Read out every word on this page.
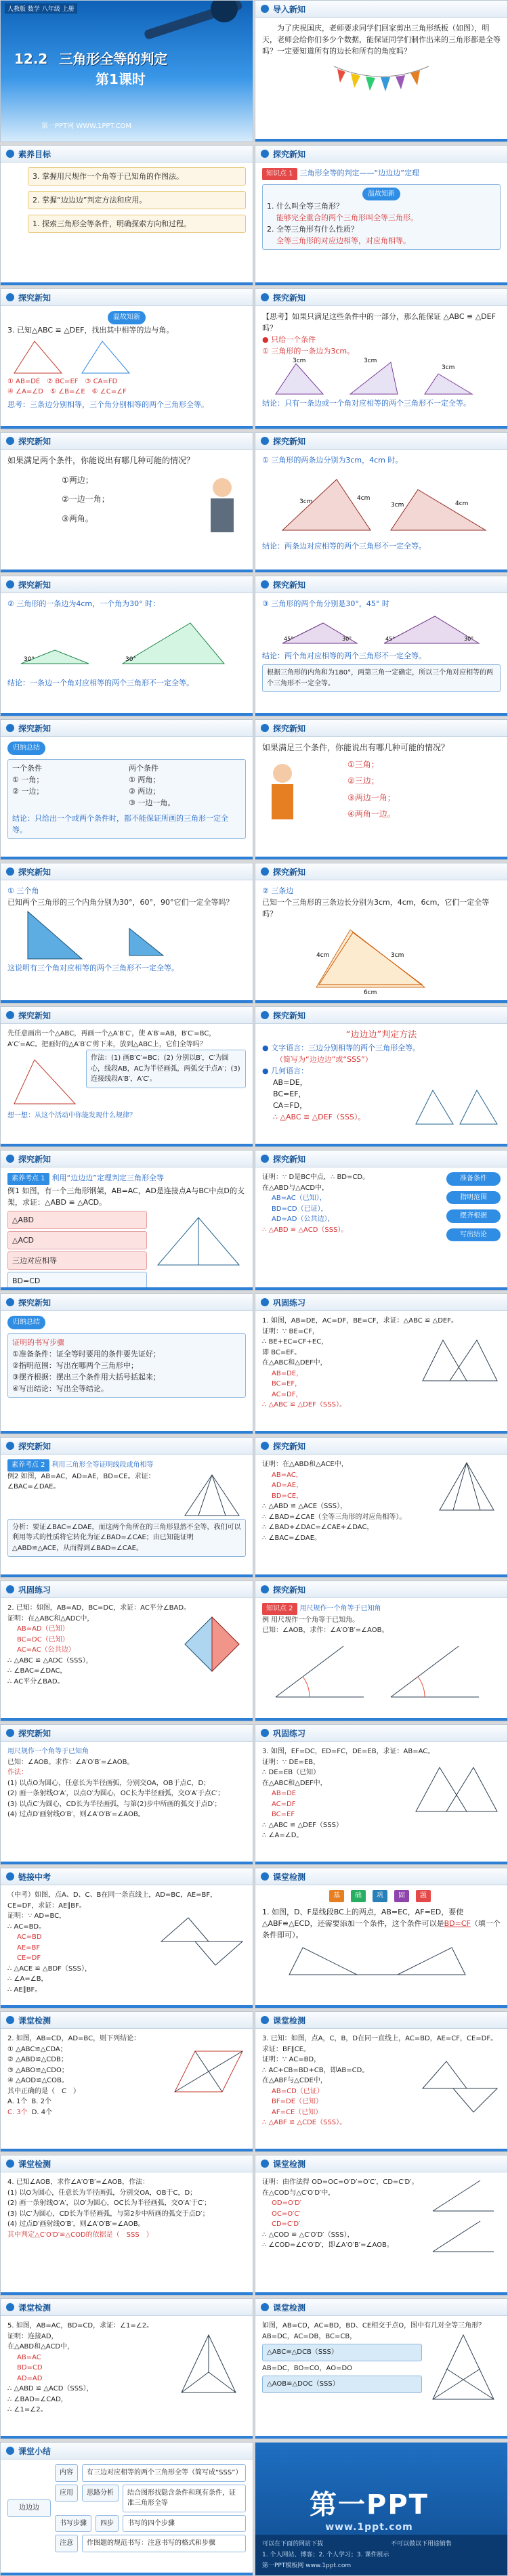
人教版 数学 八年级 上册
12.2 三角形全等的判定
第1课时
第一PPT网 WWW.1PPT.COM
导入新知
为了庆祝国庆，老师要求同学们回家剪出三角形纸板（如图），明天，老师会给你们多少个数据，能保证同学们制作出来的三角形都是全等吗？一定要知道所有的边长和所有的角度吗？
素养目标
3. 掌握用尺规作一个角等于已知角的作图法。
2. 掌握“边边边”判定方法和应用。
1. 探索三角形全等条件，明确探索方向和过程。
探究新知
知识点 1 三角形全等的判定——“边边边”定理
温故知新
1. 什么叫全等三角形？
能够完全重合的两个三角形叫全等三角形。
2. 全等三角形有什么性质？
全等三角形的对应边相等，对应角相等。
探究新知
温故知新
3. 已知△ABC ≌ △DEF，找出其中相等的边与角。
① AB=DE　 ② BC=EF　 ③ CA=FD
④ ∠A=∠D　 ⑤ ∠B=∠E　 ⑥ ∠C=∠F
思考：三条边分别相等，三个角分别相等的两个三角形全等。
探究新知
【思考】如果只满足这些条件中的一部分，那么能保证 △ABC ≌ △DEF 吗？
● 只给一个条件
① 三角形的一条边为3cm。
3cm	3cm
3cm
结论：只有一条边或一个角对应相等的两个三角形不一定全等。
探究新知
如果满足两个条件，你能说出有哪几种可能的情况？
①两边；
②一边一角；
③两角。
探究新知
① 三角形的两条边分别为3cm，4cm 时。
3cm	4cm
3cm	4cm
结论：两条边对应相等的两个三角形不一定全等。
探究新知
② 三角形的一条边为4cm，一个角为30° 时：
30°	30°
结论：一条边一个角对应相等的两个三角形不一定全等。
探究新知
③ 三角形的两个角分别是30°，45° 时
45°	30°	45°	30°
结论：两个角对应相等的两个三角形不一定全等。
根据三角形的内角和为180°，两第三角一定确定，所以三个角对应相等的两个三角形不一定全等。
探究新知
归纳总结
一个条件	两个条件
① 一角；	① 两角；
② 一边；	② 两边；
③ 一边一角。
结论：只给出一个或两个条件时，都不能保证所画的三角形一定全等。
探究新知
如果满足三个条件，你能说出有哪几种可能的情况？
①三角；
②三边；
③两边一角；
④两角一边。
探究新知
① 三个角
已知两个三角形的三个内角分别为30°，60°，90°它们一定全等吗？
这说明有三个角对应相等的两个三角形不一定全等。
探究新知
② 三条边
已知一个三角形的三条边长分别为3cm，4cm，6cm，它们一定全等吗？
4cm	3cm
6cm
探究新知
先任意画出一个△ABC，再画一个△A′B′C′，使 A′B′=AB，B′C′=BC，A′C′=AC。把画好的△A′B′C′剪下来，放到△ABC上，它们全等吗？
作法：(1) 画B′C′=BC；(2) 分别以B′，C′为圆心，线段AB，AC为半径画弧，两弧交于点A′；(3) 连接线段A′B′，A′C′。
想一想：从这个活动中你能发现什么规律？
探究新知
“边边边”判定方法
● 文字语言：三边分别相等的两个三角形全等。
（简写为“边边边”或“SSS”）
● 几何语言：
AB=DE，
BC=EF，
CA=FD，
∴ △ABC ≌ △DEF（SSS）。
探究新知
素养考点 1 利用“边边边”定理判定三角形全等
例1 如图，有一个三角形钢架，AB=AC，AD是连接点A与BC中点D的支架，求证：△ABD ≌ △ACD。
△ABD
△ACD
三边对应相等
BD=CD
探究新知
证明：∵ D是BC中点，∴ BD=CD。
在△ABD与△ACD中，
AB=AC（已知），
BD=CD（已证），
AD=AD（公共边），
∴ △ABD ≌ △ACD（SSS）。
准备条件
指明范围
摆齐根据
写出结论
探究新知
归纳总结
证明的书写步骤
①准备条件：证全等时要用的条件要先证好；
②指明范围：写出在哪两个三角形中；
③摆齐根据：摆出三个条件用大括号括起来；
④写出结论：写出全等结论。
巩固练习
1. 如图，AB=DE，AC=DF，BE=CF，求证：△ABC ≌ △DEF。
证明：∵ BE=CF，
∴ BE+EC=CF+EC，
即 BC=EF。
在△ABC和△DEF中，
AB=DE，
BC=EF，
AC=DF，
∴ △ABC ≌ △DEF（SSS）。
探究新知
素养考点 2 利用三角形全等证明线段或角相等
例2 如图，AB=AC，AD=AE，BD=CE。求证：∠BAC=∠DAE。
分析：要证∠BAC=∠DAE，而这两个角所在的三角形显然不全等，我们可以利用等式的性质将它转化为证∠BAD=∠CAE；由已知能证明△ABD≌△ACE，从而得到∠BAD=∠CAE。
探究新知
证明：在△ABD和△ACE中，
AB=AC，
AD=AE，
BD=CE，
∴ △ABD ≌ △ACE（SSS），
∴ ∠BAD=∠CAE（全等三角形的对应角相等）。
∴ ∠BAD+∠DAC=∠CAE+∠DAC，
∴ ∠BAC=∠DAE。
巩固练习
2. 已知：如图，AB=AD，BC=DC，求证：AC平分∠BAD。
证明：在△ABC和△ADC中，
AB=AD（已知）
BC=DC（已知）
AC=AC（公共边）
∴ △ABC ≌ △ADC（SSS），
∴ ∠BAC=∠DAC，
∴ AC平分∠BAD。
探究新知
知识点 2 用尺规作一个角等于已知角
例 用尺规作一个角等于已知角。
已知：∠AOB，求作：∠A′O′B′=∠AOB。
探究新知
用尺规作一个角等于已知角
已知：∠AOB。求作：∠A′O′B′=∠AOB。
作法：
(1) 以点O为圆心，任意长为半径画弧，分别交OA，OB于点C，D；
(2) 画一条射线O′A′，以点O′为圆心，OC长为半径画弧，交O′A′于点C′；
(3) 以点C′为圆心，CD长为半径画弧，与第(2)步中所画的弧交于点D′；
(4) 过点D′画射线O′B′，则∠A′O′B′=∠AOB。
巩固练习
3. 如图，EF=DC，ED=FC，DE=EB，求证：AB=AC。
证明：∵ DE=EB，
∴ DE=EB（已知）
在△ABC和△DEF中，
AB=DE
AC=DF
BC=EF
∴ △ABC ≌ △DEF（SSS）
∴ ∠A=∠D。
链接中考
（中考）如图，点A、D、C、B在同一条直线上，AD=BC，AE=BF，CE=DF，求证：AE∥BF。
证明：∵ AD=BC，
∴ AC=BD。
AC=BD
AE=BF
CE=DF
∴ △ACE ≌ △BDF（SSS），
∴ ∠A=∠B，
∴ AE∥BF。
课堂检测
基	础	巩	固	题
1. 如图，D、F是线段BC上的两点，AB=EC，AF=ED，要使△ABF≌△ECD，还需要添加一个条件，这个条件可以是BD=CF（填一个条件即可）。
课堂检测
2. 如图，AB=CD，AD=BC，则下列结论：
① △ABC≌△CDA；
② △ABD≌△CDB；
③ △ABO≌△CDO；
④ △AOD≌△COB。
其中正确的是（　C　）
A. 1个 B. 2个
C. 3个 D. 4个
课堂检测
3. 已知：如图，点A，C，B，D在同一直线上，AC=BD，AE=CF，CE=DF。求证：BF∥CE。
证明：∵ AC=BD，
∴ AC+CB=BD+CB，即AB=CD。
在△ABF与△CDE中，
AB=CD（已证）
BF=DE（已知）
AF=CE（已知）
∴ △ABF ≌ △CDE（SSS）。
课堂检测
4. 已知∠AOB，求作∠A′O′B′=∠AOB，作法：
(1) 以O为圆心，任意长为半径画弧，分别交OA，OB于C，D；
(2) 画一条射线O′A′，以O′为圆心，OC长为半径画弧，交O′A′于C′；
(3) 以C′为圆心，CD长为半径画弧，与第2步中所画的弧交于点D′；
(4) 过点D′画射线O′B′，则∠A′O′B′=∠AOB。
其中判定△C′O′D′≌△COD的依据是（　SSS　）
课堂检测
证明：由作法得 OD=OC=O′D′=O′C′，CD=C′D′。
在△COD与△C′O′D′中，
OD=O′D′
OC=O′C′
CD=C′D′
∴ △COD ≌ △C′O′D′（SSS），
∴ ∠COD=∠C′O′D′，即∠A′O′B′=∠AOB。
课堂检测
5. 如图，AB=AC，BD=CD，求证：∠1=∠2。
证明：连接AD，
在△ABD和△ACD中，
AB=AC
BD=CD
AD=AD
∴ △ABD ≌ △ACD（SSS），
∴ ∠BAD=∠CAD，
∴ ∠1=∠2。
课堂检测
如图，AB=CD，AC=BD，BD、CE相交于点O，图中有几对全等三角形？
AB=DC，AC=DB，BC=CB，
△ABC≌△DCB（SSS）
AB=DC，BO=CO，AO=DO
△AOB≌△DOC（SSS）
课堂小结
边边边
内容	有三边对应相等的两个三角形全等（简写成“SSS”）
应用	思路分析	结合图形找隐含条件和现有条件，证准三角形全等
书写步骤	四步	书写的四个步骤
注意	作图题的规范书写：注意书写的格式和步骤
第一PPT
www.1ppt.com
可以在下面的网站下载	不可以做以下用途销售
1. 个人网站、博客；2. 个人学习；3. 课件展示
第一PPT模板网 www.1ppt.com
